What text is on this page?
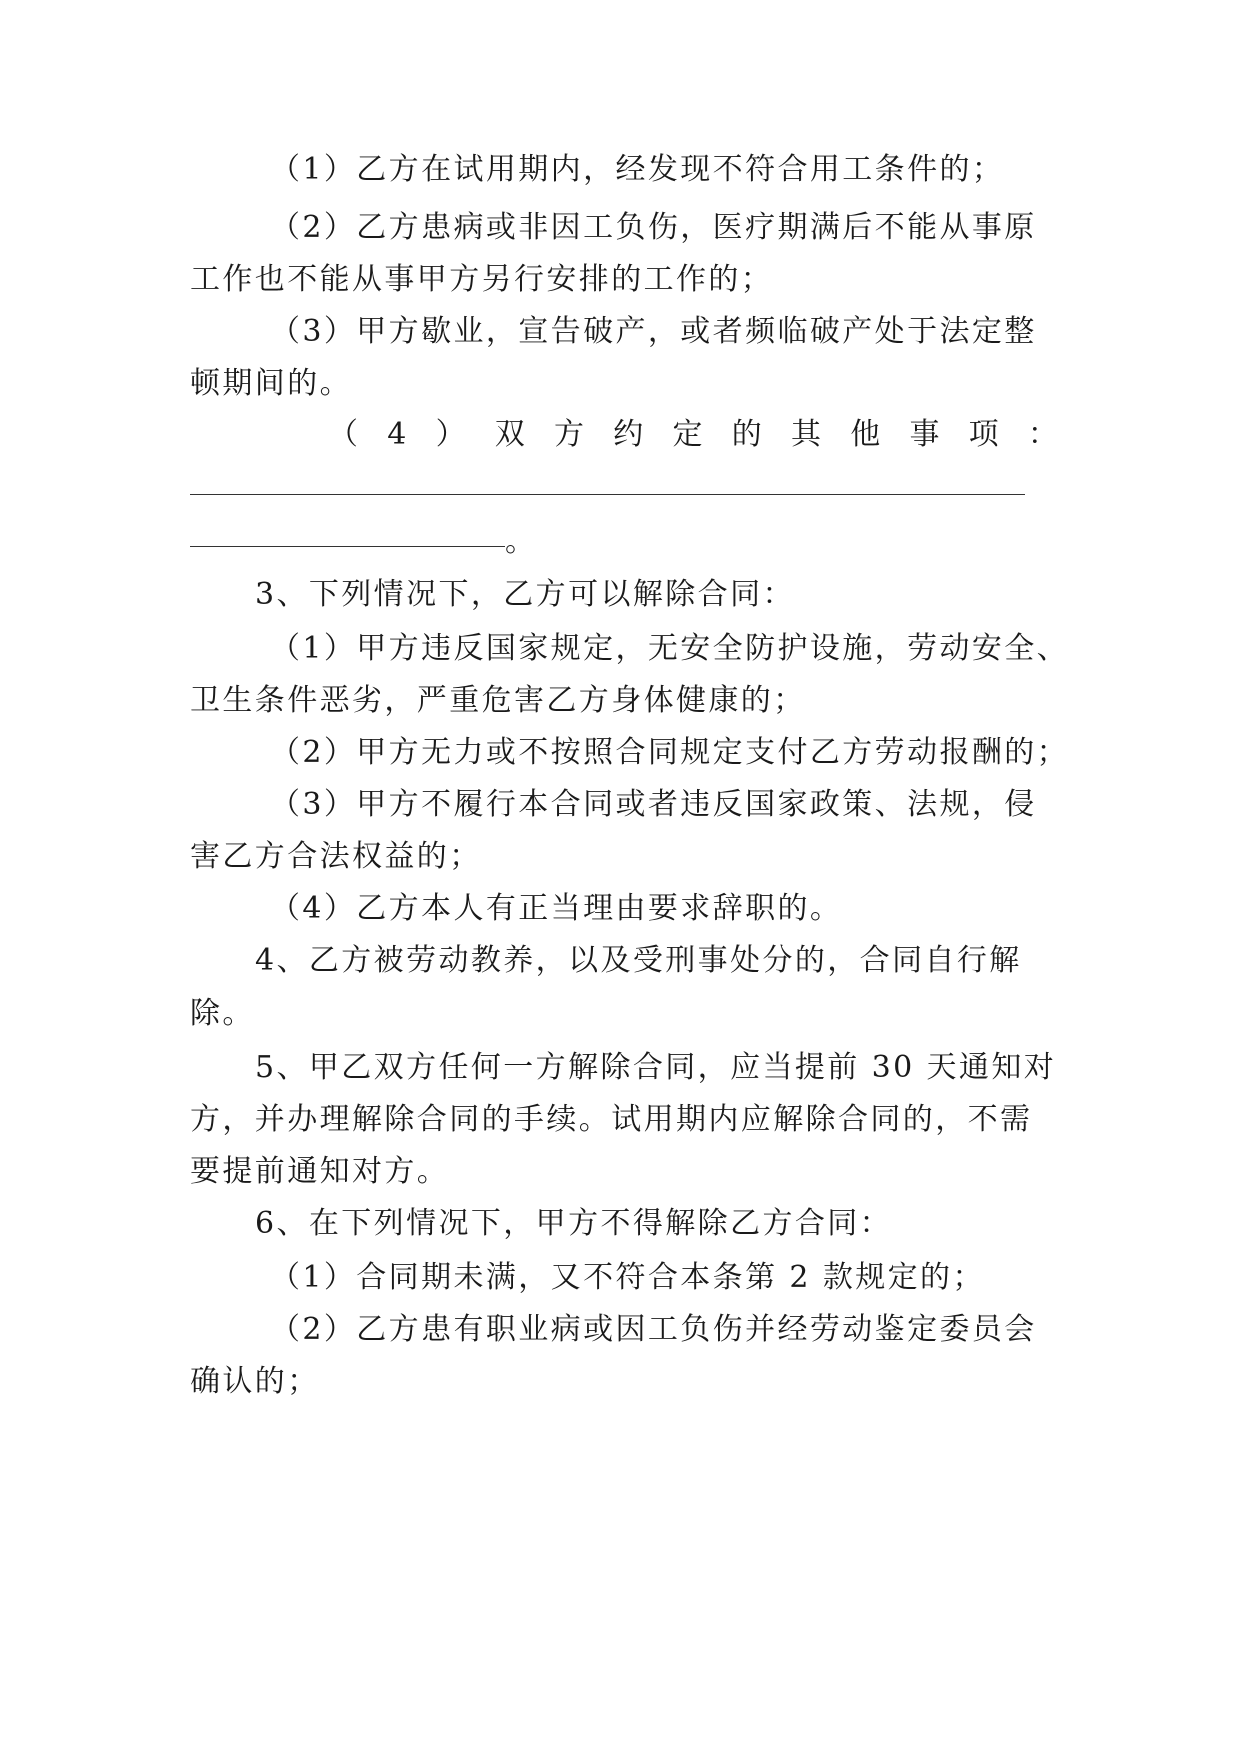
（1）乙方在试用期内，经发现不符合用工条件的；
（2）乙方患病或非因工负伤，医疗期满后不能从事原
工作也不能从事甲方另行安排的工作的；
（3）甲方歇业，宣告破产，或者频临破产处于法定整
顿期间的。
（ 4 ） 双 方 约 定 的 其 他 事 项 ：
。
3、下列情况下，乙方可以解除合同：
（1）甲方违反国家规定，无安全防护设施，劳动安全、
卫生条件恶劣，严重危害乙方身体健康的；
（2）甲方无力或不按照合同规定支付乙方劳动报酬的；
（3）甲方不履行本合同或者违反国家政策、法规，侵
害乙方合法权益的；
（4）乙方本人有正当理由要求辞职的。
4、乙方被劳动教养，以及受刑事处分的，合同自行解
除。
5、甲乙双方任何一方解除合同，应当提前 30 天通知对
方，并办理解除合同的手续。试用期内应解除合同的，不需
要提前通知对方。
6、在下列情况下，甲方不得解除乙方合同：
（1）合同期未满，又不符合本条第 2 款规定的；
（2）乙方患有职业病或因工负伤并经劳动鉴定委员会
确认的；
